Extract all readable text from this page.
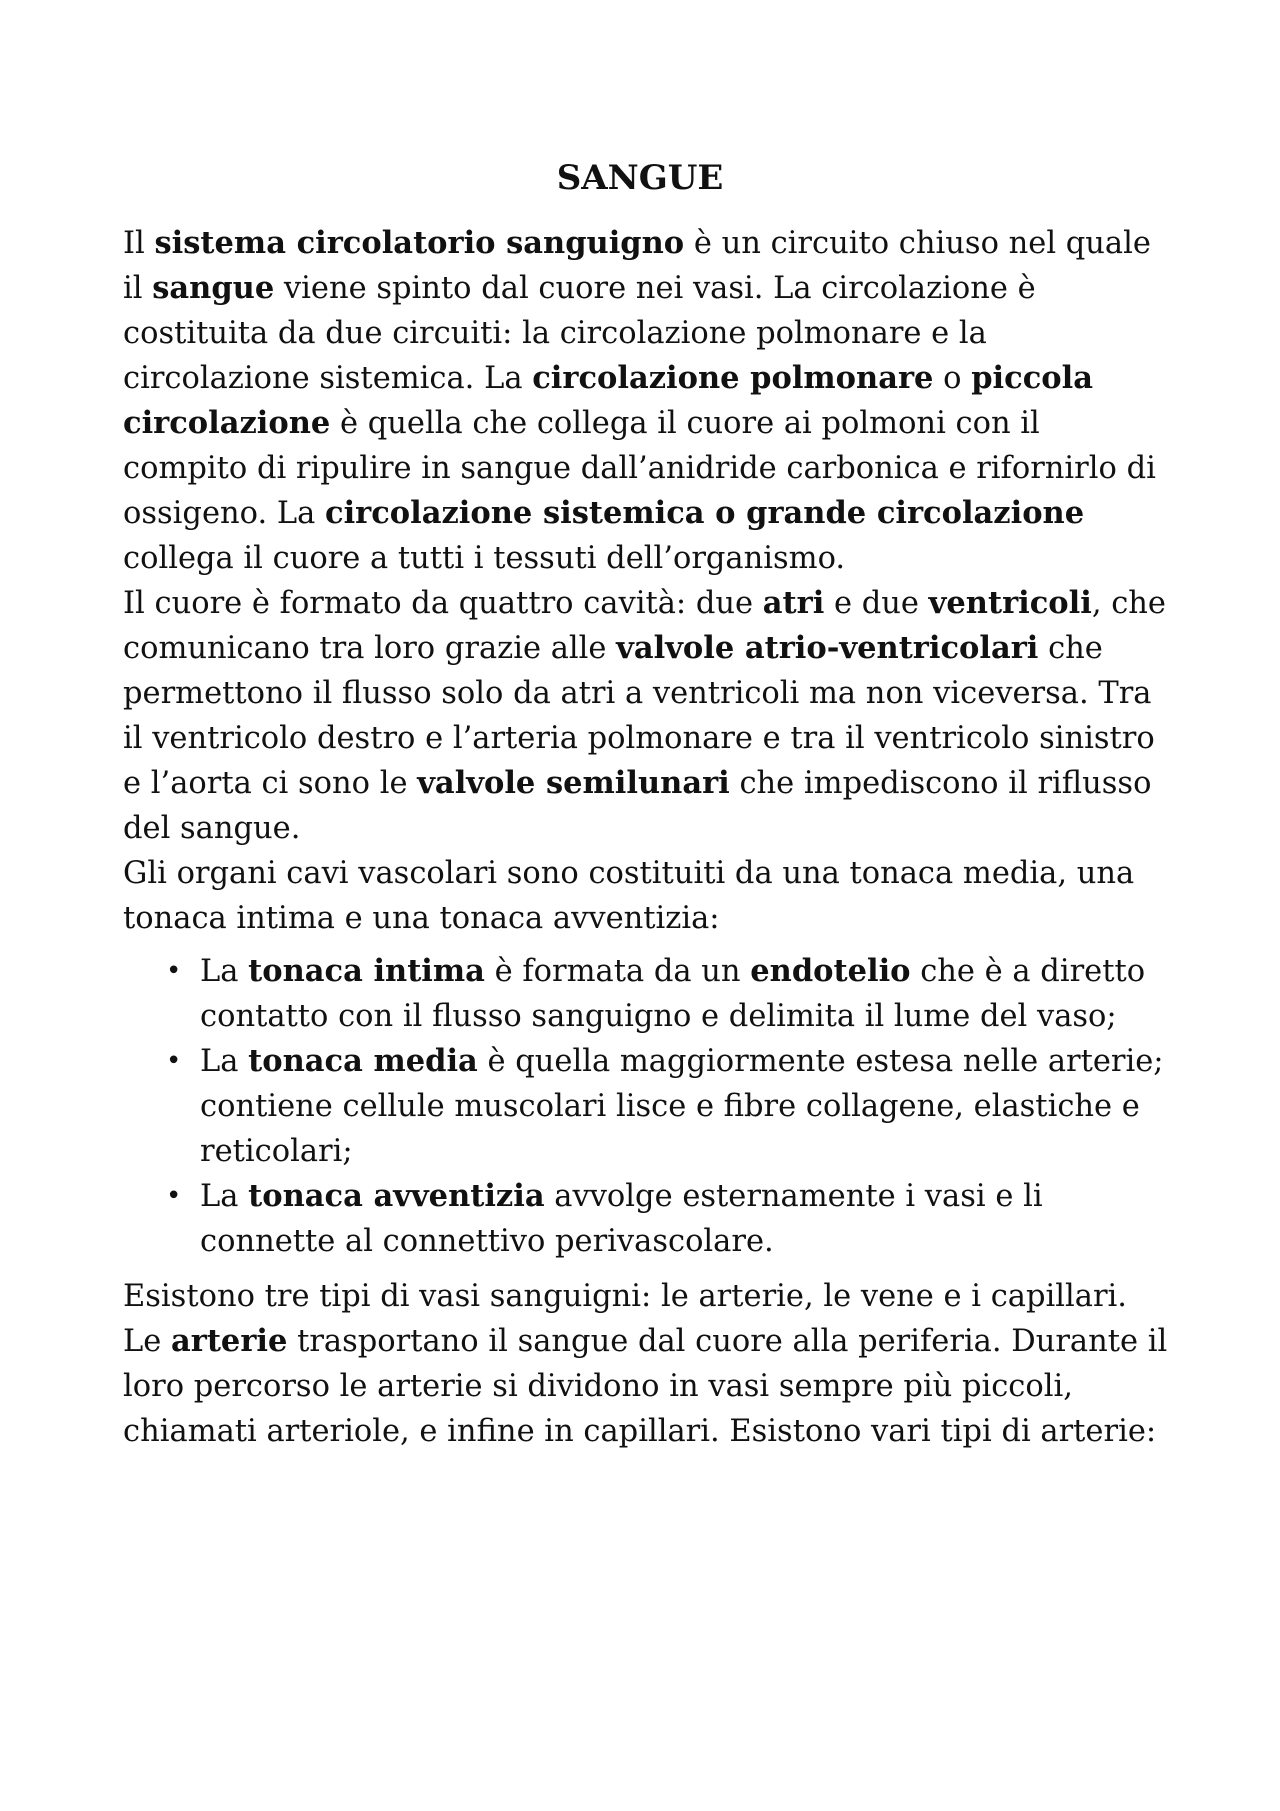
SANGUE

Il sistema circolatorio sanguigno è un circuito chiuso nel quale il sangue viene spinto dal cuore nei vasi. La circolazione è costituita da due circuiti: la circolazione polmonare e la circolazione sistemica. La circolazione polmonare o piccola circolazione è quella che collega il cuore ai polmoni con il compito di ripulire in sangue dall’anidride carbonica e rifornirlo di ossigeno. La circolazione sistemica o grande circolazione collega il cuore a tutti i tessuti dell’organismo.

Il cuore è formato da quattro cavità: due atri e due ventricoli, che comunicano tra loro grazie alle valvole atrio-ventricolari che permettono il flusso solo da atri a ventricoli ma non viceversa. Tra il ventricolo destro e l’arteria polmonare e tra il ventricolo sinistro e l’aorta ci sono le valvole semilunari che impediscono il riflusso del sangue.

Gli organi cavi vascolari sono costituiti da una tonaca media, una tonaca intima e una tonaca avventizia:

• La tonaca intima è formata da un endotelio che è a diretto contatto con il flusso sanguigno e delimita il lume del vaso;
• La tonaca media è quella maggiormente estesa nelle arterie; contiene cellule muscolari lisce e fibre collagene, elastiche e reticolari;
• La tonaca avventizia avvolge esternamente i vasi e li connette al connettivo perivascolare.

Esistono tre tipi di vasi sanguigni: le arterie, le vene e i capillari.

Le arterie trasportano il sangue dal cuore alla periferia. Durante il loro percorso le arterie si dividono in vasi sempre più piccoli, chiamati arteriole, e infine in capillari. Esistono vari tipi di arterie:
